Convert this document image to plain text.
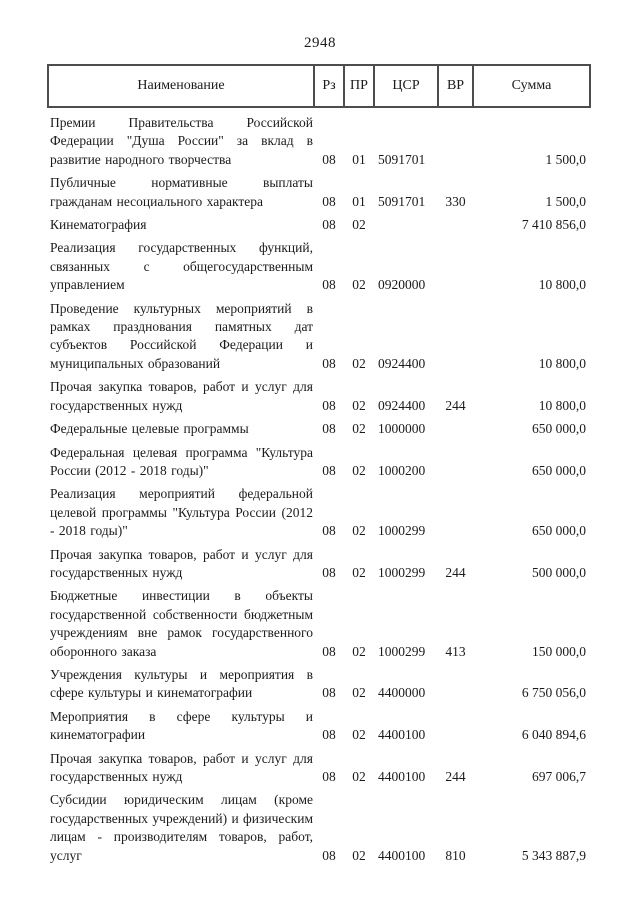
2948
Наименование	Рз	ПР	ЦСР	ВР	Сумма
Премии Правительства Российской Федерации "Душа России" за вклад в развитие народного творчества	08	01	5091701		1 500,0
Публичные нормативные выплаты гражданам несоциального характера	08	01	5091701	330	1 500,0
Кинематография	08	02			7 410 856,0
Реализация государственных функций, связанных с общегосударственным управлением	08	02	0920000		10 800,0
Проведение культурных мероприятий в рамках празднования памятных дат субъектов Российской Федерации и муниципальных образований	08	02	0924400		10 800,0
Прочая закупка товаров, работ и услуг для государственных нужд	08	02	0924400	244	10 800,0
Федеральные целевые программы	08	02	1000000		650 000,0
Федеральная целевая программа "Культура России (2012 - 2018 годы)"	08	02	1000200		650 000,0
Реализация мероприятий федеральной целевой программы "Культура России (2012 - 2018 годы)"	08	02	1000299		650 000,0
Прочая закупка товаров, работ и услуг для государственных нужд	08	02	1000299	244	500 000,0
Бюджетные инвестиции в объекты государственной собственности бюджетным учреждениям вне рамок государственного оборонного заказа	08	02	1000299	413	150 000,0
Учреждения культуры и мероприятия в сфере культуры и кинематографии	08	02	4400000		6 750 056,0
Мероприятия в сфере культуры и кинематографии	08	02	4400100		6 040 894,6
Прочая закупка товаров, работ и услуг для государственных нужд	08	02	4400100	244	697 006,7
Субсидии юридическим лицам (кроме государственных учреждений) и физическим лицам - производителям товаров, работ, услуг	08	02	4400100	810	5 343 887,9
